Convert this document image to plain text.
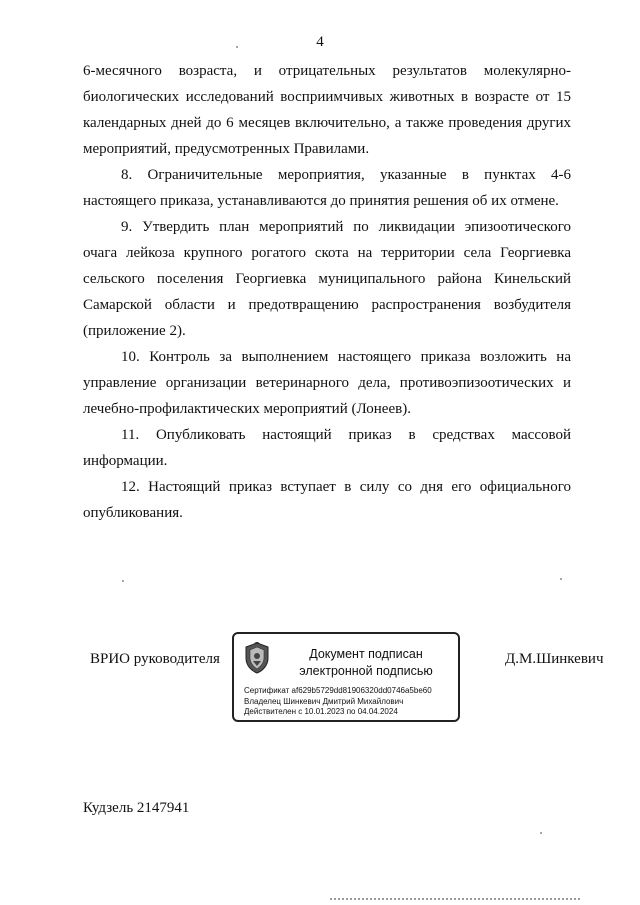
4

6-месячного возраста, и отрицательных результатов молекулярно-биологических исследований восприимчивых животных в возрасте от 15 календарных дней до 6 месяцев включительно, а также проведения других мероприятий, предусмотренных Правилами.

8. Ограничительные мероприятия, указанные в пунктах 4-6 настоящего приказа, устанавливаются до принятия решения об их отмене.

9. Утвердить план мероприятий по ликвидации эпизоотического очага лейкоза крупного рогатого скота на территории села Георгиевка сельского поселения Георгиевка муниципального района Кинельский Самарской области и предотвращению распространения возбудителя (приложение 2).

10. Контроль за выполнением настоящего приказа возложить на управление организации ветеринарного дела, противоэпизоотических и лечебно-профилактических мероприятий (Лонеев).

11. Опубликовать настоящий приказ в средствах массовой информации.

12. Настоящий приказ вступает в силу со дня его официального опубликования.

ВРИО руководителя	Документ подписан
электронной подписью
Сертификат af629b5729dd81906320dd0746a5be60
Владелец Шинкевич Дмитрий Михайлович
Действителен с 10.01.2023 по 04.04.2024
Д.М.Шинкевич
Кудзель 2147941
